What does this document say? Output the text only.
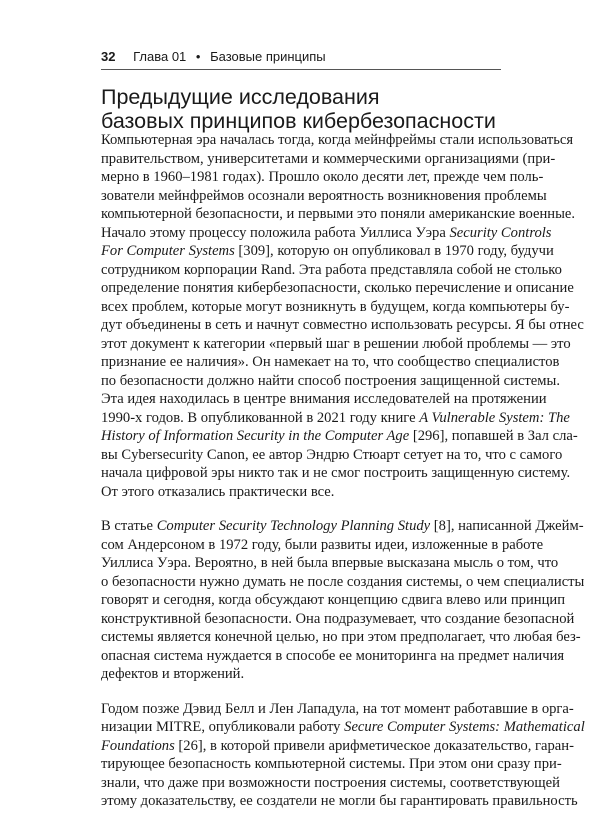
32 Глава 01 • Базовые принципы
Предыдущие исследования
базовых принципов кибербезопасности

Компьютерная эра началась тогда, когда мейнфреймы стали использоваться
правительством, университетами и коммерческими организациями (при-
мерно в 1960–1981 годах). Прошло около десяти лет, прежде чем поль-
зователи мейнфреймов осознали вероятность возникновения проблемы
компьютерной безопасности, и первыми это поняли американские военные.
Начало этому процессу положила работа Уиллиса Уэра Security Controls
For Computer Systems [309], которую он опубликовал в 1970 году, будучи
сотрудником корпорации Rand. Эта работа представляла собой не столько
определение понятия кибербезопасности, сколько перечисление и описание
всех проблем, которые могут возникнуть в будущем, когда компьютеры бу-
дут объединены в сеть и начнут совместно использовать ресурсы. Я бы отнес
этот документ к категории «первый шаг в решении любой проблемы — это
признание ее наличия». Он намекает на то, что сообщество специалистов
по безопасности должно найти способ построения защищенной системы.
Эта идея находилась в центре внимания исследователей на протяжении
1990-х годов. В опубликованной в 2021 году книге A Vulnerable System: The
History of Information Security in the Computer Age [296], попавшей в Зал сла-
вы Cybersecurity Canon, ее автор Эндрю Стюарт сетует на то, что с самого
начала цифровой эры никто так и не смог построить защищенную систему.
От этого отказались практически все.

В статье Computer Security Technology Planning Study [8], написанной Джейм-
сом Андерсоном в 1972 году, были развиты идеи, изложенные в работе
Уиллиса Уэра. Вероятно, в ней была впервые высказана мысль о том, что
о безопасности нужно думать не после создания системы, о чем специалисты
говорят и сегодня, когда обсуждают концепцию сдвига влево или принцип
конструктивной безопасности. Она подразумевает, что создание безопасной
системы является конечной целью, но при этом предполагает, что любая без-
опасная система нуждается в способе ее мониторинга на предмет наличия
дефектов и вторжений.

Годом позже Дэвид Белл и Лен Лападула, на тот момент работавшие в орга-
низации MITRE, опубликовали работу Secure Computer Systems: Mathematical
Foundations [26], в которой привели арифметическое доказательство, гаран-
тирующее безопасность компьютерной системы. При этом они сразу при-
знали, что даже при возможности построения системы, соответствующей
этому доказательству, ее создатели не могли бы гарантировать правильность
